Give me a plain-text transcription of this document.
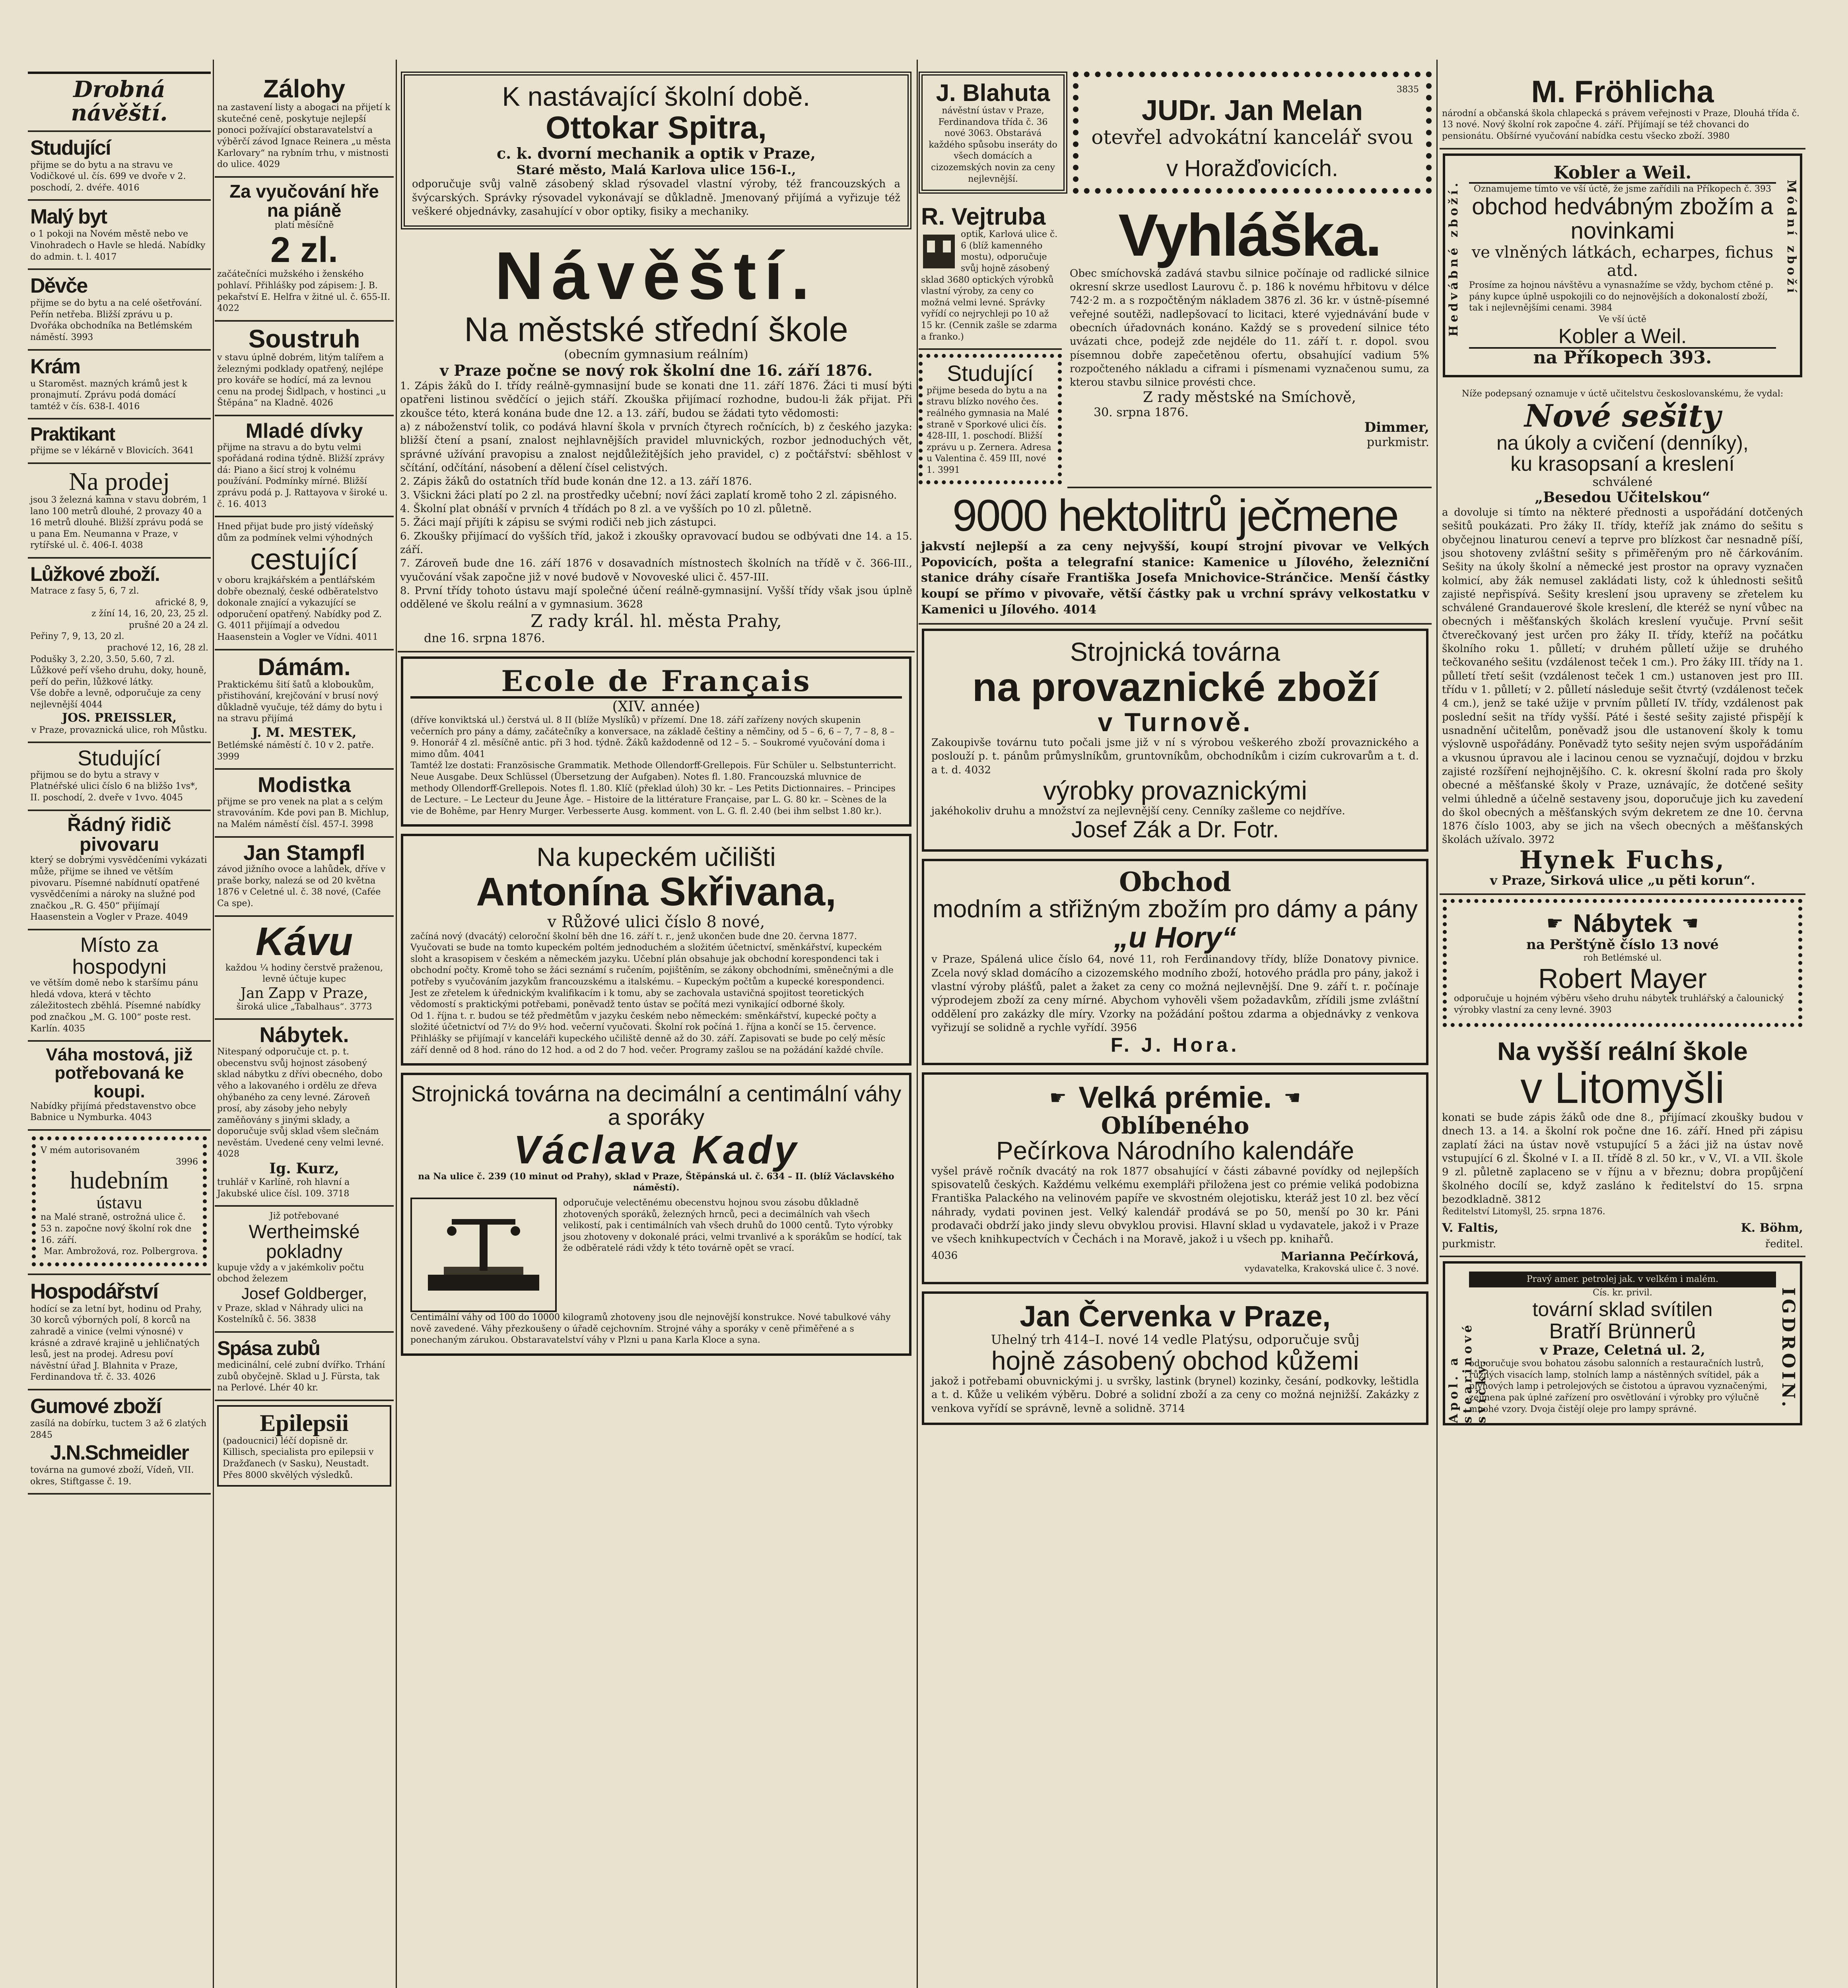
Drobná návěští.
Studující
přijme se do bytu a na stravu ve Vodičkové ul. čís. 699 ve dvoře v 2. poschodí, 2. dvéře. 4016
Malý byt
o 1 pokoji na Novém městě nebo ve Vinohradech o Havle se hledá. Nabídky do admin. t. l. 4017
Děvče
přijme se do bytu a na celé ošetřování. Peřín netřeba. Bližší zprávu u p. Dvořáka obchodníka na Betlémském náměstí. 3993
Krám
u Staroměst. mazných krámů jest k pronajmutí. Zprávu podá domácí tamtéž v čís. 638-I. 4016
Praktikant
přijme se v lékárně v Blovicích. 3641
Na prodej
jsou 3 železná kamna v stavu dobrém, 1 lano 100 metrů dlouhé, 2 provazy 40 a 16 metrů dlouhé. Bližší zprávu podá se u pana Em. Neumanna v Praze, v rytířské ul. č. 406-I. 4038
Lůžkové zboží.
Matrace z fasy 5, 6, 7 zl.
africké 8, 9,
z žíní 14, 16, 20, 23, 25 zl.
prušné 20 a 24 zl.
Peřiny 7, 9, 13, 20 zl.
prachové 12, 16, 28 zl.
Podušky 3, 2.20, 3.50, 5.60, 7 zl. Lůžkové peří všeho druhu, doky, houně, peří do peřin, lůžkové látky.
Vše dobře a levně, odporučuje za ceny nejlevnější 4044
JOS. PREISSLER,
v Praze, provaznická ulice, roh Můstku.
Studující
přijmou se do bytu a stravy v Platnéřské ulici číslo 6 na bližšo 1vs*, II. poschodí, 2. dveře v 1vvo. 4045
Řádný řidič pivovaru
který se dobrými vysvědčeními vykázati může, přijme se ihned ve větším pivovaru. Písemné nabídnutí opatřené vysvědčeními a nároky na služné pod značkou „R. G. 450“ přijímají Haasenstein a Vogler v Praze. 4049
Místo za hospodyni
ve větším domě nebo k staršímu pánu hledá vdova, která v těchto záležitostech zběhlá. Písemné nabídky pod značkou „M. G. 100“ poste rest. Karlín. 4035
Váha mostová, již potřebovaná ke koupi.
Nabídky přijímá představenstvo obce Babnice u Nymburka. 4043
V mém autorisovaném
3996
hudebním
ústavu
na Malé straně, ostrožná ulice č. 53 n. započne nový školní rok dne 16. září.
Mar. Ambrožová, roz. Polbergrova.
Hospodářství
hodící se za letní byt, hodinu od Prahy, 30 korců výborných polí, 8 korců na zahradě a vinice (velmi výnosné) v krásné a zdravé krajině u jehličnatých lesů, jest na prodej. Adresu poví návěstní úřad J. Blahnita v Praze, Ferdinandova tř. č. 33. 4026
Gumové zboží
zasílá na dobírku, tuctem 3 až 6 zlatých 2845
J.N.Schmeidler
továrna na gumové zboží, Vídeň, VII. okres, Stiftgasse č. 19.
Zálohy
na zastavení listy a abogaci na přijetí k skutečné ceně, poskytuje nejlepší ponoci požívající obstaravatelství a výběrčí závod Ignace Reinera „u města Karlovary“ na rybním trhu, v mistnosti do ulice. 4029
Za vyučování hře na piáně
platí měsíčně
2 zl.
začátečníci mužského i ženského pohlaví. Přihlášky pod zápisem: J. B. pekařství E. Helfra v žitné ul. č. 655-II. 4022
Soustruh
v stavu úplně dobrém, litým talířem a železnými podklady opatřený, nejlépe pro kováře se hodící, má za levnou cenu na prodej Šidlpach, v hostinci „u Štěpána“ na Kladně. 4026
Mladé dívky
přijme na stravu a do bytu velmi spořádaná rodina týdně. Bližší zprávy dá: Piano a šicí stroj k volnému používání. Podmínky mírné. Bližší zprávu podá p. J. Rattayova v široké u. č. 16. 4013
Hned přijat bude pro jistý vídeňský dům za podmínek velmi výhodných
cestující
v oboru krajkářském a pentlářském dobře obeznalý, české odběratelstvo dokonale znající a vykazující se odporučení opatřený. Nabídky pod Z. G. 4011 přijímají a odvedou Haasenstein a Vogler ve Vídni. 4011
Dámám.
Praktickému šití šatů a kloboukům, přistihování, krejčování v brusí nový důkladně vyučuje, též dámy do bytu i na stravu přijímá
J. M. MESTEK,
Betlémské náměstí č. 10 v 2. patře. 3999
Modistka
přijme se pro venek na plat a s celým stravováním. Kde povi pan B. Michlup, na Malém náměstí čísl. 457-I. 3998
Jan Stampfl
závod jižního ovoce a lahůdek, dříve v praše borky, nalezá se od 20 května 1876 v Celetné ul. č. 38 nové, (Cafée Ca spe).
Kávu
každou ¼ hodiny čerstvě praženou, levně účtuje kupec
Jan Zapp v Praze,
široká ulice „Tabalhaus“. 3773
Nábytek.
Nitespaný odporučuje ct. p. t. obecenstvu svůj hojnost zásobený sklad nábytku z dřívi obecného, dobo věho a lakovaného i ordělu ze dřeva ohýbaného za ceny levné. Zároveň prosí, aby zásoby jeho nebyly zaměňovány s jinými sklady, a doporučuje svůj sklad všem slečnám nevěstám. Uvedené ceny velmi levné. 4028
Ig. Kurz,
truhlář v Karlíně, roh hlavní a Jakubské ulice čísl. 109. 3718
Již potřebované
Wertheimské pokladny
kupuje vždy a v jakémkoliv počtu obchod železem
Josef Goldberger,
v Praze, sklad v Náhrady ulici na Kostelníků č. 56. 3838
Spása zubů
medicinální, celé zubní dvířko. Trhání zubů obyčejně. Sklad u J. Fürsta, tak na Perlové. Lhér 40 kr.
Epilepsii
(padoucnici) léčí dopisně dr. Killisch, specialista pro epilepsii v Dražďanech (v Sasku), Neustadt. Přes 8000 skvělých výsledků.
K nastávající školní době.
Ottokar Spitra,
c. k. dvorní mechanik a optik v Praze,
Staré město, Malá Karlova ulice 156-I.,
odporučuje svůj valně zásobený sklad rýsovadel vlastní výroby, též francouzských a švýcarských. Správky rýsovadel vykonávají se důkladně. Jmenovaný přijímá a vyřizuje též veškeré objednávky, zasahující v obor optiky, fisiky a mechaniky.
Návěští.
Na městské střední škole
(obecním gymnasium reálním)
v Praze počne se nový rok školní dne 16. září 1876.
1. Zápis žáků do I. třídy reálně-gymnasijní bude se konati dne 11. září 1876. Žáci ti musí býti opatřeni listinou svědčící o jejich stáří. Zkouška přijímací rozhodne, budou-li žák přijat. Při zkoušce této, která konána bude dne 12. a 13. září, budou se žádati tyto vědomosti:
a) z náboženství tolik, co podává hlavní škola v prvních čtyrech ročnících, b) z českého jazyka: bližší čtení a psaní, znalost nejhlavnějších pravidel mluvnických, rozbor jednoduchých vět, správné užívání pravopisu a znalost nejdůležitějších jeho pravidel, c) z počtářství: sběhlost v sčítání, odčítání, násobení a dělení čísel celistvých.
2. Zápis žáků do ostatních tříd bude konán dne 12. a 13. září 1876.
3. Všickni žáci platí po 2 zl. na prostředky učební; noví žáci zaplatí kromě toho 2 zl. zápisného.
4. Školní plat obnáší v prvních 4 třídách po 8 zl. a ve vyšších po 10 zl. půletně.
5. Žáci mají přijíti k zápisu se svými rodiči neb jich zástupci.
6. Zkoušky přijímací do vyšších tříd, jakož i zkoušky opravovací budou se odbývati dne 14. a 15. září.
7. Zároveň bude dne 16. září 1876 v dosavadních místnostech školních na třídě v č. 366-III., vyučování však započne již v nové budově v Novoveské ulici č. 457-III.
8. První třídy tohoto ústavu mají společné účení reálně-gymnasijní. Vyšší třídy však jsou úplně oddělené ve školu reální a v gymnasium. 3628
Z rady král. hl. města Prahy,
dne 16. srpna 1876.
Ecole de Français
(XIV. année)
(dříve konviktská ul.) čerstvá ul. 8 II (blíže Myslíků) v přízemí. Dne 18. září zařízeny nových skupenin večerních pro pány a dámy, začátečníky a konversace, na základě češtiny a němčiny, od 5 – 6, 6 – 7, 7 – 8, 8 – 9. Honorář 4 zl. měsíčně antic. při 3 hod. týdně. Žáků každodenně od 12 – 5. – Soukromé vyučování doma i mimo dům. 4041
Tamtéž lze dostati: Französische Grammatik. Methode Ollendorff-Grellepois. Für Schüler u. Selbstunterricht. Neue Ausgabe. Deux Schlüssel (Übersetzung der Aufgaben). Notes fl. 1.80. Francouzská mluvnice de methody Ollendorff-Grellepois. Notes fl. 1.80. Klíč (překlad úloh) 30 kr. – Les Petits Dictionnaires. – Principes de Lecture. – Le Lecteur du Jeune Âge. – Histoire de la littérature Française, par L. G. 80 kr. – Scènes de la vie de Bohême, par Henry Murger. Verbesserte Ausg. komment. von L. G. fl. 2.40 (bei ihm selbst 1.80 kr.).
Na kupeckém učilišti
Antonína Skřivana,
v Růžové ulici číslo 8 nové,
začíná nový (dvacátý) celoroční školní běh dne 16. září t. r., jenž ukončen bude dne 20. června 1877. Vyučovati se bude na tomto kupeckém poltém jednoduchém a složitém účetnictví, směnkářství, kupeckém sloht a krasopisem v českém a německém jazyku. Učební plán obsahuje jak obchodní korespondenci tak i obchodní počty. Kromě toho se žáci seznámí s ručením, pojištěním, se zákony obchodními, směnečnými a dle potřeby s vyučováním jazykům francouzskému a italskému. – Kupeckým počtům a kupecké korespondenci. Jest ze zřetelem k úřednickým kvalifikacím i k tomu, aby se zachovala ustavičná spojitost teoretických vědomostí s praktickými potřebami, poněvadž tento ústav se počítá mezi vynikající odborné školy.
Od 1. října t. r. budou se též předmětům v jazyku českém nebo německém: směnkářství, kupecké počty a složité účetnictví od 7½ do 9½ hod. večerní vyučovati. Školní rok počíná 1. října a končí se 15. července. Přihlášky se přijímají v kanceláři kupeckého učiliště denně až do 30. září. Zapisovati se bude po celý měsíc září denně od 8 hod. ráno do 12 hod. a od 2 do 7 hod. večer. Programy zašlou se na požádání každé chvíle.
Strojnická továrna na decimální a centimální váhy a sporáky
Václava Kady
na Na ulice č. 239 (10 minut od Prahy), sklad v Praze, Štěpánská ul. č. 634 – II. (blíž Václavského náměstí).
odporučuje velectěnému obecenstvu hojnou svou zásobu důkladně zhotovených sporáků, železných hrnců, peci a decimálních vah všech velikostí, pak i centimálních vah všech druhů do 1000 centů. Tyto výrobky jsou zhotoveny v dokonalé práci, velmi trvanlivé a k sporákům se hodící, tak že odběratelé rádi vždy k této továrně opět se vrací.
Centimální váhy od 100 do 10000 kilogramů zhotoveny jsou dle nejnovější konstrukce. Nové tabulkové váhy nově zavedené. Váhy přezkoušeny o úřadě cejchovním. Strojné váhy a sporáky v ceně přiměřené a s ponechaným zárukou. Obstaravatelství váhy v Plzni u pana Karla Kloce a syna.
J. Blahuta
návěstní ústav v Praze, Ferdinandova třída č. 36 nové 3063. Obstarává každého spůsobu inseráty do všech domácích a cizozemských novin za ceny nejlevnější.
3835
JUDr. Jan Melan
otevřel advokátní kancelář svou
v Horažďovicích.
R. Vejtruba
optik, Karlová ulice č. 6 (blíž kamenného mostu), odporučuje svůj hojně zásobený sklad 3680 optických výrobků vlastní výroby, za ceny co možná velmi levné. Správky vyřídí co nejrychleji po 10 až 15 kr. (Cennik zašle se zdarma a franko.)
Studující
přijme beseda do bytu a na stravu blízko nového čes. reálného gymnasia na Malé straně v Sporkové ulici čís. 428-III, 1. poschodí. Bližší zprávu u p. Zernera. Adresa u Valentina č. 459 III, nové 1. 3991
Vyhláška.
Obec smíchovská zadává stavbu silnice počínaje od radlické silnice okresní skrze usedlost Laurovu č. p. 186 k novému hřbitovu v délce 742·2 m. a s rozpočtěným nákladem 3876 zl. 36 kr. v ústně-písemné veřejné soutěži, nadlepšovací to licitaci, které vyjednávání bude v obecních úřadovnách konáno. Každý se s provedení silnice této uvázati chce, podejž zde nejdéle do 11. září t. r. dopol. svou písemnou dobře zapečetěnou ofertu, obsahující vadium 5% rozpočteného nákladu a ciframi i písmenami vyznačenou sumu, za kterou stavbu silnice provésti chce.
Z rady městské na Smíchově,
30. srpna 1876.
Dimmer,
purkmistr.
9000 hektolitrů ječmene
jakvstí nejlepší a za ceny nejvyšší, koupí strojní pivovar ve Velkých Popovicích, pošta a telegrafní stanice: Kamenice u Jílového, železniční stanice dráhy císaře Františka Josefa Mnichovice-Stránčice. Menší částky koupí se přímo v pivovaře, větší částky pak u vrchní správy velkostatku v Kamenici u Jílového. 4014
Strojnická továrna
na provaznické zboží
v Turnově.
Zakoupivše továrnu tuto počali jsme již v ní s výrobou veškerého zboží provaznického a poslouží p. t. pánům průmyslníkům, gruntovníkům, obchodníkům i cizím cukrovarům a t. d. a t. d. 4032
výrobky provaznickými
jakéhokoliv druhu a množství za nejlevnější ceny. Cenníky zašleme co nejdříve.
Josef Zák a Dr. Fotr.
Obchod
modním a střižným zbožím pro dámy a pány
„u Hory“
v Praze, Spálená ulice číslo 64, nové 11, roh Ferdinandovy třídy, blíže Donatovy pivnice. Zcela nový sklad domácího a cizozemského modního zboží, hotového prádla pro pány, jakož i vlastní výroby plášťů, palet a žaket za ceny co možná nejlevnější. Dne 9. září t. r. počínaje výprodejem zboží za ceny mírné. Abychom vyhověli všem požadavkům, zřídili jsme zvláštní oddělení pro zakázky dle míry. Vzorky na požádání poštou zdarma a objednávky z venkova vyřizují se solidně a rychle vyřídí. 3956
F. J. Hora.
☛ Velká prémie. ☚
Oblíbeného
Pečírkova Národního kalendáře
vyšel právě ročník dvacátý na rok 1877 obsahující v části zábavné povídky od nejlepších spisovatelů českých. Každému velkému exempláři přiložena jest co prémie veliká podobizna Františka Palackého na velinovém papíře ve skvostném olejotisku, kteráž jest 10 zl. bez věcí náhrady, vydati povinen jest. Velký kalendář prodává se po 50, menší po 30 kr. Páni prodavači obdrží jako jindy slevu obvyklou provisi. Hlavní sklad u vydavatele, jakož i v Praze ve všech knihkupectvích v Čechách i na Moravě, jakož i u všech pp. knihařů.
4036	Marianna Pečírková,
vydavatelka, Krakovská ulice č. 3 nové.
Jan Červenka v Praze,
Uhelný trh 414–I. nové 14 vedle Platýsu, odporučuje svůj
hojně zásobený obchod kůžemi
jakož i potřebami obuvnickými j. u svršky, lastink (brynel) kozinky, česání, podkovky, leštidla a t. d. Kůže u velikém výběru. Dobré a solidní zboží a za ceny co možná nejnižší. Zakázky z venkova vyřídí se správně, levně a solidně. 3714
M. Fröhlicha
národní a občanská škola chlapecká s právem veřejnosti v Praze, Dlouhá třída č. 13 nové. Nový školní rok započne 4. září. Přijímají se též chovanci do pensionátu. Obšírné vyučování nabídka cestu všecko zboží. 3980
Hedvábné zboží.	Módní zboží
Kobler a Weil.
Oznamujeme tímto ve vší úctě, že jsme zařídili na Příkopech č. 393
obchod hedvábným zbožím a novinkami
ve vlněných látkách, echarpes, fichus atd.
Prosíme za hojnou návštěvu a vynasnažíme se vždy, bychom ctěné p. pány kupce úplně uspokojili co do nejnovějších a dokonalostí zboží, tak i nejlevnějšími cenami. 3984
Ve vší úctě
Kobler a Weil.
na Příkopech 393.
Níže podepsaný oznamuje v úctě učitelstvu českoslovanskému, že vydal:
Nové sešity
na úkoly a cvičení (denníky),
ku krasopsaní a kreslení
schválené
„Besedou Učitelskou“
a dovoluje si tímto na některé přednosti a uspořádání dotčených sešitů poukázati. Pro žáky II. třídy, kteříž jak známo do sešitu s obyčejnou linaturou ceneví a teprve pro blízkost čar nesnadně píší, jsou shotoveny zvláštní sešity s přiměřeným pro ně čárkováním. Sešity na úkoly školní a německé jest prostor na opravy vyznačen kolmicí, aby žák nemusel zakládati listy, což k úhlednosti sešitů zajisté nepřispívá. Sešity kreslení jsou upraveny se zřetelem ku schválené Grandauerové škole kreslení, dle kteréž se nyní vůbec na obecných i měšťanských školách kreslení vyučuje. První sešit čtverečkovaný jest určen pro žáky II. třídy, kteříž na počátku školního roku 1. půlletí; v druhém půlletí užije se druhého tečkovaného sešitu (vzdálenost teček 1 cm.). Pro žáky III. třídy na 1. půlletí třetí sešit (vzdálenost teček 1 cm.) ustanoven jest pro III. třídu v 1. půlletí; v 2. půlletí následuje sešit čtvrtý (vzdálenost teček 4 cm.), jenž se také užije v prvním půlletí IV. třídy, vzdálenost pak poslední sešit na třídy vyšší. Páté i šesté sešity zajisté přispějí k usnadnění učitelům, poněvadž jsou dle ustanovení školy k tomu výslovně uspořádány. Poněvadž tyto sešity nejen svým uspořádáním a vkusnou úpravou ale i lacinou cenou se vyznačují, dojdou v brzku zajisté rozšíření nejhojnějšího. C. k. okresní školní rada pro školy obecné a měšťanské školy v Praze, uznávajíc, že dotčené sešity velmi úhledně a účelně sestaveny jsou, doporučuje jich ku zavedení do škol obecných a měšťanských svým dekretem ze dne 10. června 1876 číslo 1003, aby se jich na všech obecných a měšťanských školách užívalo. 3972
Hynek Fuchs,
v Praze, Sirková ulice „u pěti korun“.
☛ Nábytek ☚
na Perštýně číslo 13 nové
roh Betlémské ul.
Robert Mayer
odporučuje u hojném výběru všeho druhu nábytek truhlářský a čalounický výrobky vlastní za ceny levné. 3903
Na vyšší reální škole
v Litomyšli
konati se bude zápis žáků ode dne 8., přijímací zkoušky budou v dnech 13. a 14. a školní rok počne dne 16. září. Hned při zápisu zaplatí žáci na ústav nově vstupující 5 a žáci již na ústav nově vstupující 6 zl. Školné v I. a II. třídě 8 zl. 50 kr., v V., VI. a VII. škole 9 zl. půletně zaplaceno se v říjnu a v březnu; dobra propůjčení školného docílí se, když zasláno k ředitelství do 15. srpna bezodkladně. 3812
Ředitelství Litomyšl, 25. srpna 1876.
V. Faltis,	K. Böhm,
purkmistr.	ředitel.
Apol. a stearinové svíčky.	IGDROIN.
Pravý amer. petrolej jak. v velkém i malém.
Cís. kr. privil.
tovární sklad svítilen
Bratří Brünnerů
v Praze, Celetná ul. 2,
odporučuje svou bohatou zásobu salonních a restauračních lustrů, různých visacích lamp, stolních lamp a nástěnných svítidel, pák a plynových lamp i petrolejových se čistotou a úpravou vyznačenými, zejmena pak úplné zařízení pro osvětlování i výrobky pro výlučně mnohé vzory. Dvoja čistějí oleje pro lampy správné.
